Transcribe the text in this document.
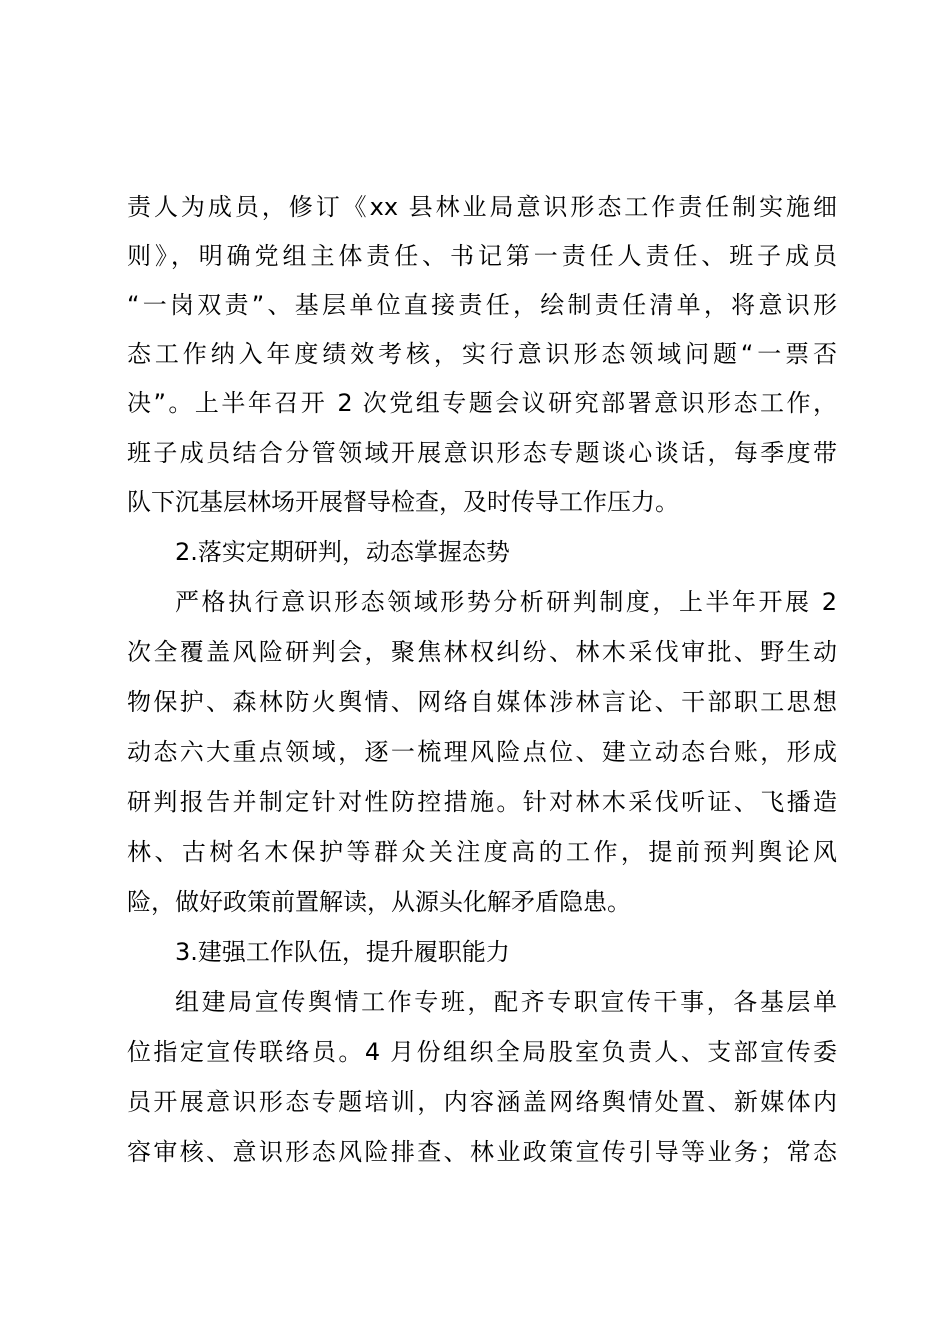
责人为成员，修订《xx 县林业局意识形态工作责任制实施细
则》，明确党组主体责任、书记第一责任人责任、班子成员
“一岗双责”、基层单位直接责任，绘制责任清单，将意识形
态工作纳入年度绩效考核，实行意识形态领域问题“一票否
决”。上半年召开 2 次党组专题会议研究部署意识形态工作，
班子成员结合分管领域开展意识形态专题谈心谈话，每季度带
队下沉基层林场开展督导检查，及时传导工作压力。
2.落实定期研判，动态掌握态势
严格执行意识形态领域形势分析研判制度，上半年开展 2
次全覆盖风险研判会，聚焦林权纠纷、林木采伐审批、野生动
物保护、森林防火舆情、网络自媒体涉林言论、干部职工思想
动态六大重点领域，逐一梳理风险点位、建立动态台账，形成
研判报告并制定针对性防控措施。针对林木采伐听证、飞播造
林、古树名木保护等群众关注度高的工作，提前预判舆论风
险，做好政策前置解读，从源头化解矛盾隐患。
3.建强工作队伍，提升履职能力
组建局宣传舆情工作专班，配齐专职宣传干事，各基层单
位指定宣传联络员。4 月份组织全局股室负责人、支部宣传委
员开展意识形态专题培训，内容涵盖网络舆情处置、新媒体内
容审核、意识形态风险排查、林业政策宣传引导等业务；常态
